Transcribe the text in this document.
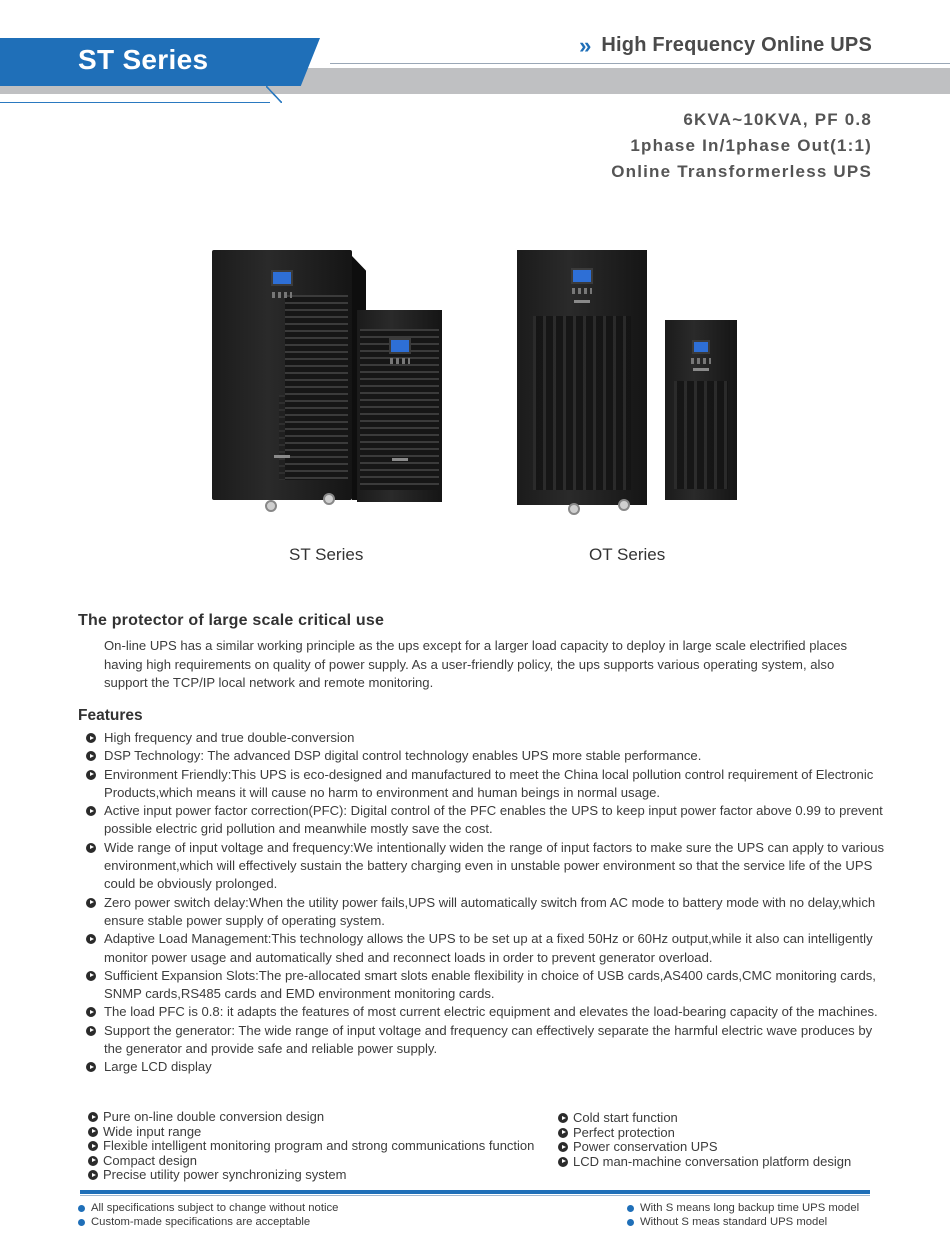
ST Series	» High Frequency Online UPS
6KVA~10KVA, PF 0.8
1phase In/1phase Out(1:1)
Online Transformerless UPS
ST Series	OT Series
The protector of large scale critical use

On-line UPS has a similar working principle as the ups except for a larger load capacity to deploy in large scale electrified places having high requirements on quality of power supply. As a user-friendly policy, the ups supports various operating system, also support the TCP/IP local network and remote monitoring.

Features
High frequency and true double-conversion
DSP Technology: The advanced DSP digital control technology enables UPS more stable performance.
Environment Friendly:This UPS is eco-designed and manufactured to meet the China local pollution control requirement of Electronic Products,which means it will cause no harm to environment and human beings in normal usage.
Active input power factor correction(PFC): Digital control of the PFC enables the UPS to keep input power factor above 0.99 to prevent possible electric grid pollution and meanwhile mostly save the cost.
Wide range of input voltage and frequency:We intentionally widen the range of input factors to make sure the UPS can apply to various environment,which will effectively sustain the battery charging even in unstable power environment so that the service life of the UPS could be obviously prolonged.
Zero power switch delay:When the utility power fails,UPS will automatically switch from AC mode to battery mode with no delay,which ensure stable power supply of operating system.
Adaptive Load Management:This technology allows the UPS to be set up at a fixed 50Hz or 60Hz output,while it also can intelligently monitor power usage and automatically shed and reconnect loads in order to prevent generator overload.
Sufficient Expansion Slots:The pre-allocated smart slots enable flexibility in choice of USB cards,AS400 cards,CMC monitoring cards, SNMP cards,RS485 cards and EMD environment monitoring cards.
The load PFC is 0.8: it adapts the features of most current electric equipment and elevates the load-bearing capacity of the machines.
Support the generator: The wide range of input voltage and frequency can effectively separate the harmful electric wave produces by the generator and provide safe and reliable power supply.
Large LCD display
Pure on-line double conversion design
Wide input range
Flexible intelligent monitoring program and strong communications function
Compact design
Precise utility power synchronizing system
Cold start function
Perfect protection
Power conservation UPS
LCD man-machine conversation platform design
All specifications subject to change without notice
Custom-made specifications are acceptable
With S means long backup time UPS model
Without S meas standard UPS model
